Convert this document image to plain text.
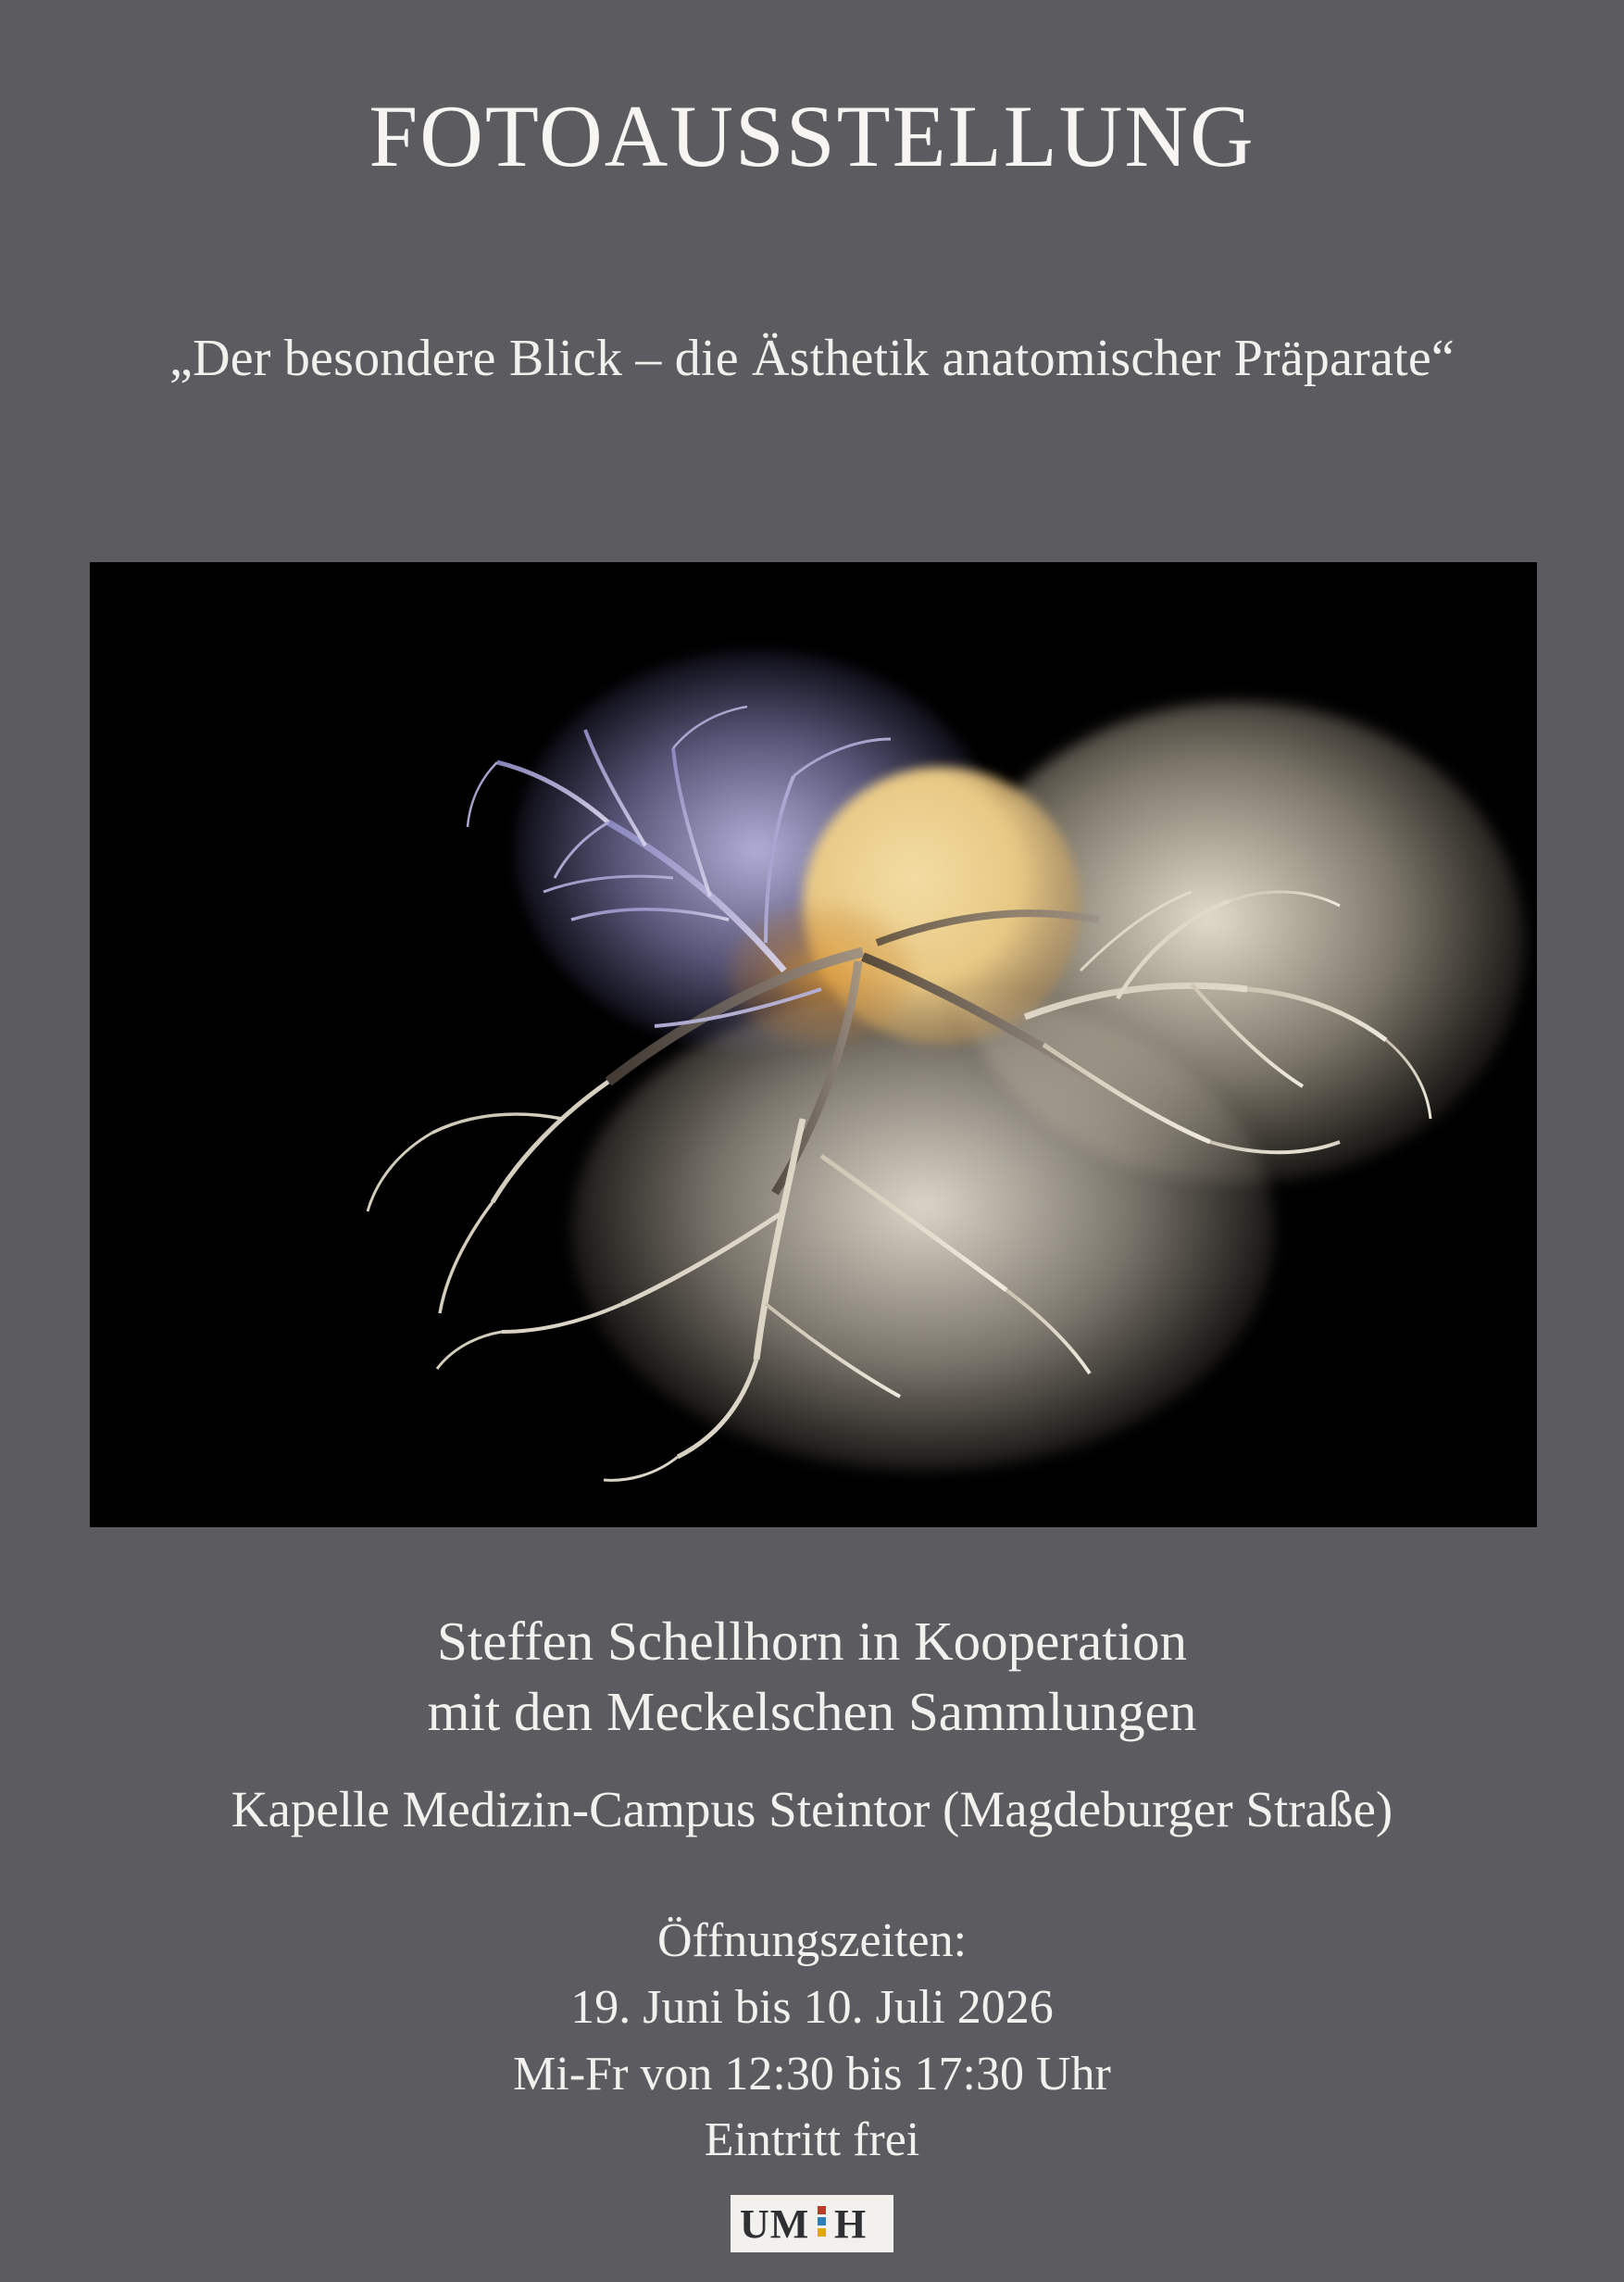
FOTOAUSSTELLUNG
„Der besondere Blick – die Ästhetik anatomischer Präparate“
Steffen Schellhorn in Kooperation
mit den Meckelschen Sammlungen
Kapelle Medizin-Campus Steintor (Magdeburger Straße)
Öffnungszeiten:
19. Juni bis 10. Juli 2026
Mi-Fr von 12:30 bis 17:30 Uhr
Eintritt frei
UM H
